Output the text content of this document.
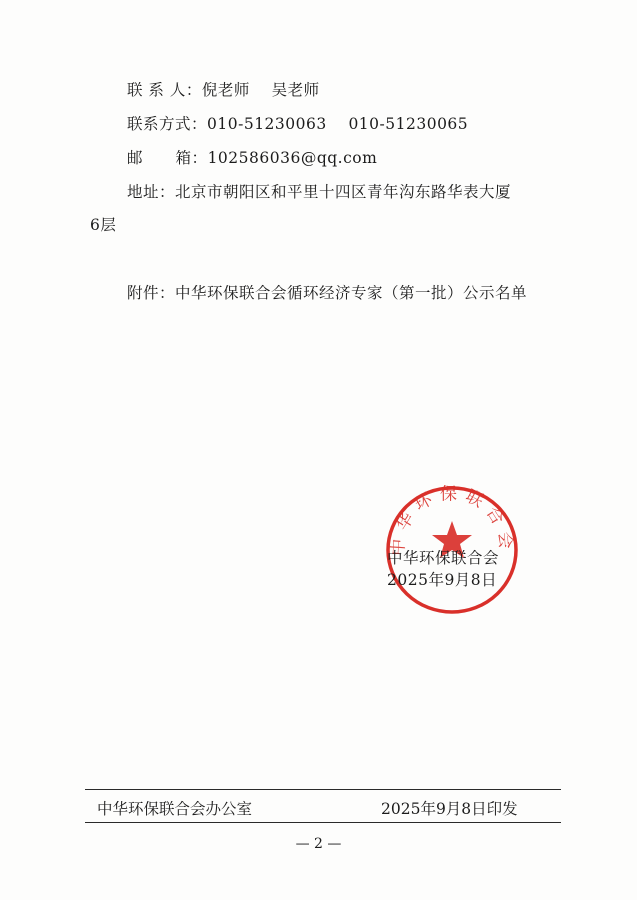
联 系 人：倪老师    吴老师
联系方式：010-51230063    010-51230065
邮      箱：102586036@qq.com
地址：北京市朝阳区和平里十四区青年沟东路华表大厦
6层
附件：中华环保联合会循环经济专家（第一批）公示名单
中华环保联合会
中华环保联合会
2025年9月8日
中华环保联合会办公室	2025年9月8日印发
— 2 —
